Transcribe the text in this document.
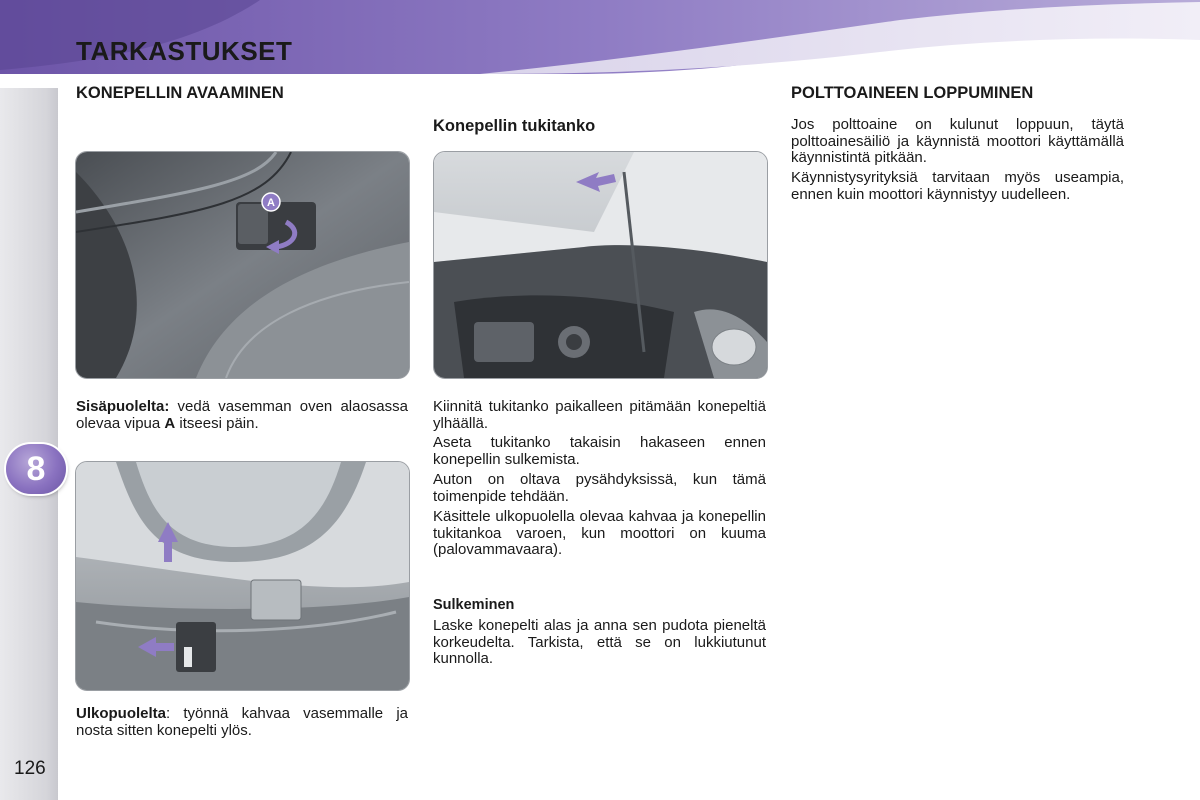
TARKASTUKSET
KONEPELLIN AVAAMINEN
A

Sisäpuolelta: vedä vasemman oven alaosassa olevaa vipua A itseesi päin.

Ulkopuolelta: työnnä kahvaa vasemmalle ja nosta sitten konepelti ylös.

Konepellin tukitanko

Kiinnitä tukitanko paikalleen pitämään konepeltiä ylhäällä.

Aseta tukitanko takaisin hakaseen ennen konepellin sulkemista.

Auton on oltava pysähdyksissä, kun tämä toimenpide tehdään.

Käsittele ulkopuolella olevaa kahvaa ja konepellin tukitankoa varoen, kun moottori on kuuma (palovammavaara).

Sulkeminen

Laske konepelti alas ja anna sen pudota pieneltä korkeudelta. Tarkista, että se on lukkiutunut kunnolla.

POLTTOAINEEN LOPPUMINEN

Jos polttoaine on kulunut loppuun, täytä polttoainesäiliö ja käynnistä moottori käyttämällä käynnistintä pitkään.

Käynnistysyrityksiä tarvitaan myös useampia, ennen kuin moottori käynnistyy uudelleen.

8
126
